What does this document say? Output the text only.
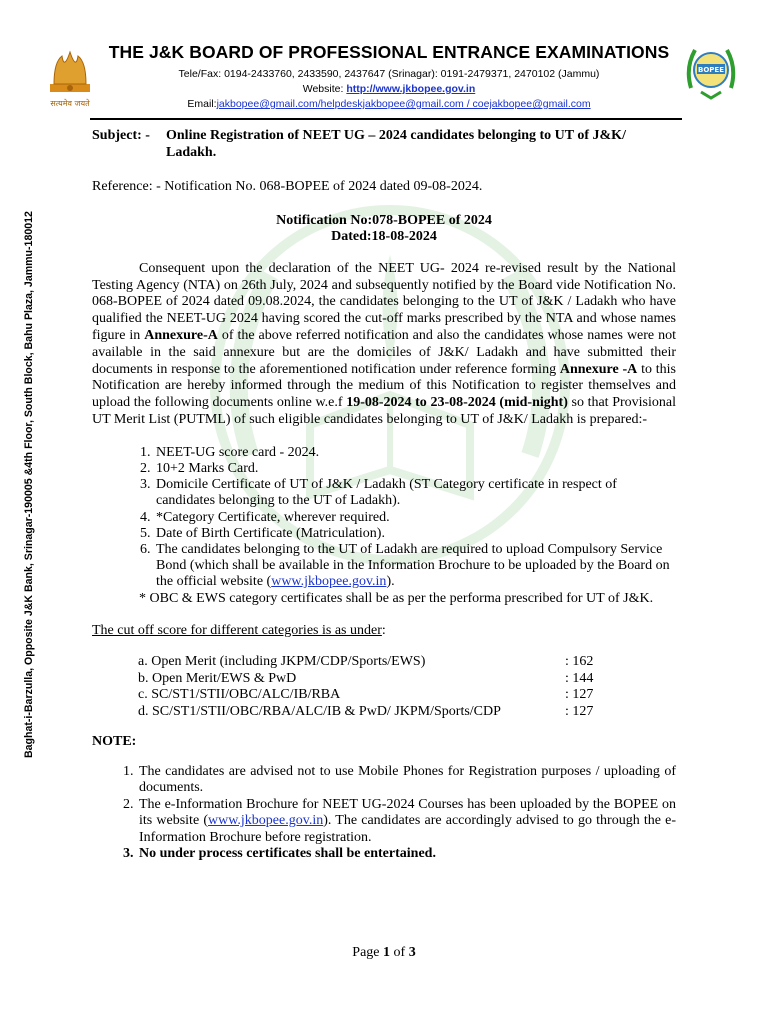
Baghat-i-Barzulla, Opposite J&K Bank, Srinagar-190005 &4th Floor, South Block, Bahu Plaza, Jammu-180012
सत्यमेव जयते
BOPEE
THE J&K BOARD OF PROFESSIONAL ENTRANCE EXAMINATIONS
Tele/Fax: 0194-2433760, 2433590, 2437647 (Srinagar): 0191-2479371, 2470102 (Jammu)
Website: http://www.jkbopee.gov.in
Email:jakbopee@gmail.com/helpdeskjakbopee@gmail.com / coejakbopee@gmail.com
Subject: -	Online Registration of NEET UG – 2024 candidates belonging to UT of J&K/ Ladakh.
Reference: - Notification No. 068-BOPEE of 2024 dated 09-08-2024.
Notification No:078-BOPEE of 2024
Dated:18-08-2024
Consequent upon the declaration of the NEET UG- 2024 re-revised result by the National Testing Agency (NTA) on 26th July, 2024 and subsequently notified by the Board vide Notification No. 068-BOPEE of 2024 dated 09.08.2024, the candidates belonging to the UT of J&K / Ladakh who have qualified the NEET-UG 2024 having scored the cut-off marks prescribed by the NTA and whose names figure in Annexure-A of the above referred notification and also the candidates whose names were not available in the said annexure but are the domiciles of J&K/ Ladakh and have submitted their documents in response to the aforementioned notification under reference forming Annexure -A to this Notification are hereby informed through the medium of this Notification to register themselves and upload the following documents online w.e.f 19-08-2024 to 23-08-2024 (mid-night) so that Provisional UT Merit List (PUTML) of such eligible candidates belonging to UT of J&K/ Ladakh is prepared:-
1. NEET-UG score card - 2024.
2. 10+2 Marks Card.
3. Domicile Certificate of UT of J&K / Ladakh (ST Category certificate in respect of candidates belonging to the UT of Ladakh).
4. *Category Certificate, wherever required.
5. Date of Birth Certificate (Matriculation).
6. The candidates belonging to the UT of Ladakh are required to upload Compulsory Service Bond (which shall be available in the Information Brochure to be uploaded by the Board on the official website (www.jkbopee.gov.in).
* OBC & EWS category certificates shall be as per the performa prescribed for UT of J&K.
The cut off score for different categories is as under:
a. Open Merit (including JKPM/CDP/Sports/EWS)	: 162
b. Open Merit/EWS & PwD	: 144
c. SC/ST1/STII/OBC/ALC/IB/RBA	: 127
d. SC/ST1/STII/OBC/RBA/ALC/IB & PwD/ JKPM/Sports/CDP	: 127
NOTE:
1. The candidates are advised not to use Mobile Phones for Registration purposes / uploading of documents.
2. The e-Information Brochure for NEET UG-2024 Courses has been uploaded by the BOPEE on its website (www.jkbopee.gov.in). The candidates are accordingly advised to go through the e- Information Brochure before registration.
3. No under process certificates shall be entertained.
Page 1 of 3
